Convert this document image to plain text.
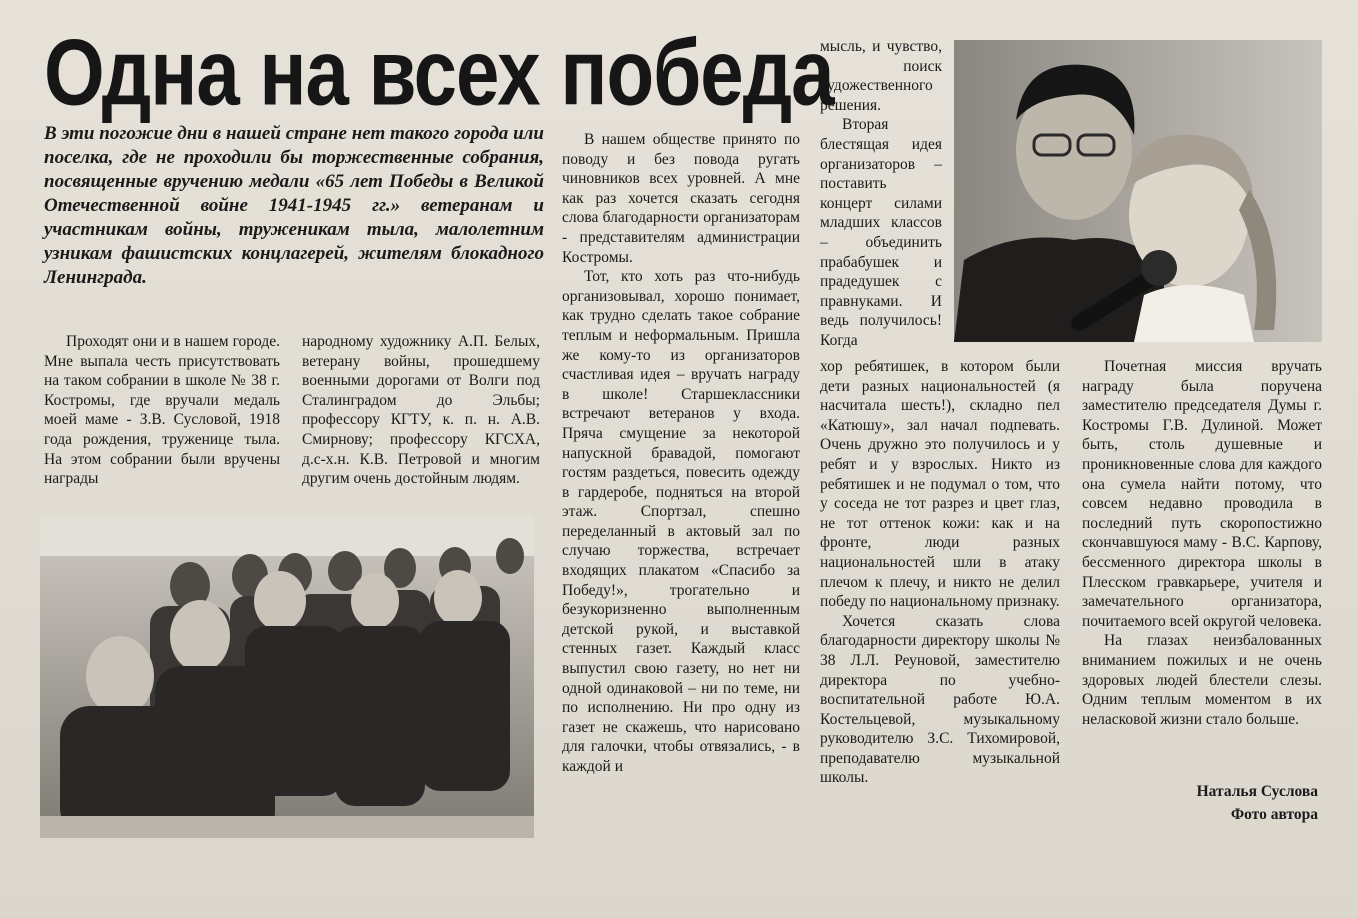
Одна на всех победа

В эти погожие дни в нашей стране нет такого города или поселка, где не проходили бы торжественные собрания, посвященные вручению медали «65 лет Победы в Великой Отечественной войне 1941-1945 гг.» ветеранам и участникам войны, труженикам тыла, малолетним узникам фашистских концлагерей, жителям блокадного Ленинграда.

Проходят они и в нашем городе. Мне выпала честь присутствовать на таком собрании в школе № 38 г. Костромы, где вручали медаль моей маме - З.В. Сусловой, 1918 года рождения, труженице тыла. На этом собрании были вручены награды

народному художнику А.П. Белых, ветерану войны, прошедшему военными дорогами от Волги под Сталинградом до Эльбы; профессору КГТУ, к. п. н. А.В. Смирнову; профессору КГСХА, д.с-х.н. К.В. Петровой и многим другим очень достойным людям.

В нашем обществе принято по поводу и без повода ругать чиновников всех уровней. А мне как раз хочется сказать сегодня слова благодарности организаторам - представителям администрации Костромы.

Тот, кто хоть раз что-нибудь организовывал, хорошо понимает, как трудно сделать такое собрание теплым и неформальным. Пришла же кому-то из организаторов счастливая идея – вручать награду в школе! Старшеклассники встречают ветеранов у входа. Пряча смущение за некоторой напускной бравадой, помогают гостям раздеться, повесить одежду в гардеробе, подняться на второй этаж. Спортзал, спешно переделанный в актовый зал по случаю торжества, встречает входящих плакатом «Спасибо за Победу!», трогательно и безукоризненно выполненным детской рукой, и выставкой стенных газет. Каждый класс выпустил свою газету, но нет ни одной одинаковой – ни по теме, ни по исполнению. Ни про одну из газет не скажешь, что нарисовано для галочки, чтобы отвязались, - в каждой и

мысль, и чувство, и поиск художественного решения.

Вторая блестящая идея организаторов – поставить концерт силами младших классов – объединить прабабушек и прадедушек с правнуками. И ведь получилось! Когда

хор ребятишек, в котором были дети разных национальностей (я насчитала шесть!), складно пел «Катюшу», зал начал подпевать. Очень дружно это получилось и у ребят и у взрослых. Никто из ребятишек и не подумал о том, что у соседа не тот разрез и цвет глаз, не тот оттенок кожи: как и на фронте, люди разных национальностей шли в атаку плечом к плечу, и никто не делил победу по национальному признаку.

Хочется сказать слова благодарности директору школы № 38 Л.Л. Реуновой, заместителю директора по учебно-воспитательной работе Ю.А. Костельцевой, музыкальному руководителю З.С. Тихомировой, преподавателю музыкальной школы.

Почетная миссия вручать награду была поручена заместителю председателя Думы г. Костромы Г.В. Дулиной. Может быть, столь душевные и проникновенные слова для каждого она сумела найти потому, что совсем недавно проводила в последний путь скоропостижно скончавшуюся маму - В.С. Карпову, бессменного директора школы в Плесском гравкарьере, учителя и замечательного организатора, почитаемого всей округой человека.

На глазах неизбалованных вниманием пожилых и не очень здоровых людей блестели слезы. Одним теплым моментом в их неласковой жизни стало больше.

Наталья Суслова
Фото автора
